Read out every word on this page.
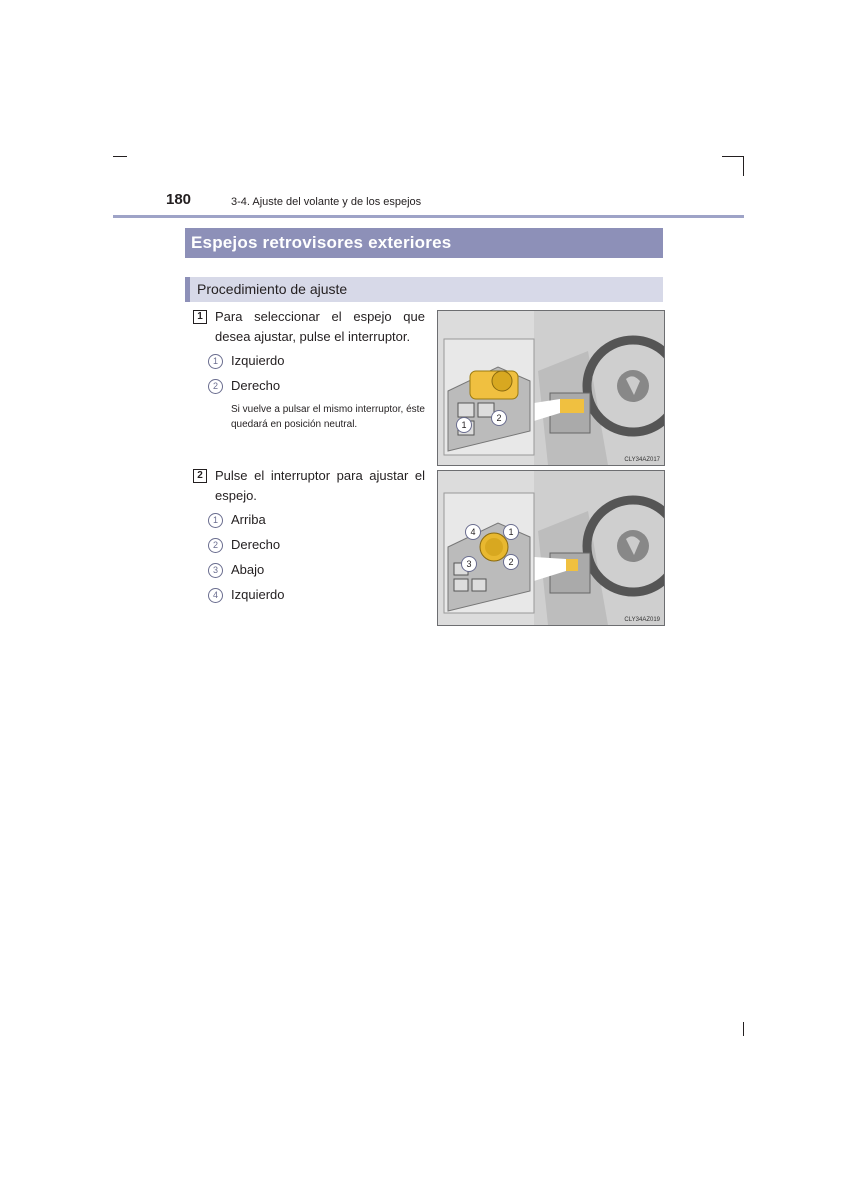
180	3-4. Ajuste del volante y de los espejos
Espejos retrovisores exteriores
Procedimiento de ajuste
1 Para seleccionar el espejo que desea ajustar, pulse el interruptor.
1	Izquierdo
2	Derecho
Si vuelve a pulsar el mismo interruptor, éste quedará en posición neutral.	1
2
CLY34AZ017
2 Pulse el interruptor para ajustar el espejo.
1	Arriba
2	Derecho
3	Abajo
4	Izquierdo
4	1
3	2
CLY34AZ019
